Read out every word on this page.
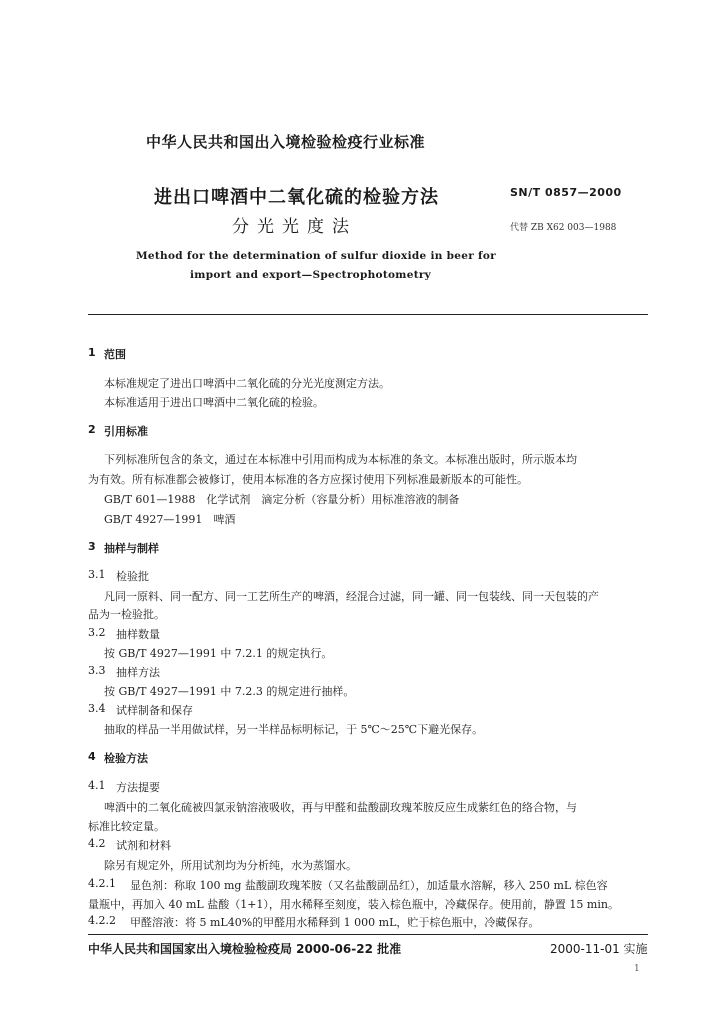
中华人民共和国出入境检验检疫行业标准
进出口啤酒中二氧化硫的检验方法
分光光度法
SN/T 0857—2000
代替 ZB X62 003—1988
Method for the determination of sulfur dioxide in beer for
import and export—Spectrophotometry
1 范围
本标准规定了进出口啤酒中二氧化硫的分光光度测定方法。
本标准适用于进出口啤酒中二氧化硫的检验。
2 引用标准
下列标准所包含的条文，通过在本标准中引用而构成为本标准的条文。本标准出版时，所示版本均
为有效。所有标准都会被修订，使用本标准的各方应探讨使用下列标准最新版本的可能性。
GB/T 601—1988　化学试剂　滴定分析（容量分析）用标准溶液的制备
GB/T 4927—1991　啤酒
3 抽样与制样
3.1 检验批
凡同一原料、同一配方、同一工艺所生产的啤酒，经混合过滤，同一罐、同一包装线、同一天包装的产
品为一检验批。
3.2 抽样数量
按 GB/T 4927—1991 中 7.2.1 的规定执行。
3.3 抽样方法
按 GB/T 4927—1991 中 7.2.3 的规定进行抽样。
3.4 试样制备和保存
抽取的样品一半用做试样，另一半样品标明标记，于 5℃～25℃下避光保存。
4 检验方法
4.1 方法提要
啤酒中的二氧化硫被四氯汞钠溶液吸收，再与甲醛和盐酸副玫瑰苯胺反应生成紫红色的络合物，与
标准比较定量。
4.2 试剂和材料
除另有规定外，所用试剂均为分析纯，水为蒸馏水。
4.2.1 显色剂：称取 100 mg 盐酸副玫瑰苯胺（又名盐酸副品红），加适量水溶解，移入 250 mL 棕色容
量瓶中，再加入 40 mL 盐酸（1+1），用水稀释至刻度，装入棕色瓶中，冷藏保存。使用前，静置 15 min。
4.2.2 甲醛溶液：将 5 mL40%的甲醛用水稀释到 1 000 mL，贮于棕色瓶中，冷藏保存。
中华人民共和国国家出入境检验检疫局 2000-06-22 批准	2000-11-01 实施
1
